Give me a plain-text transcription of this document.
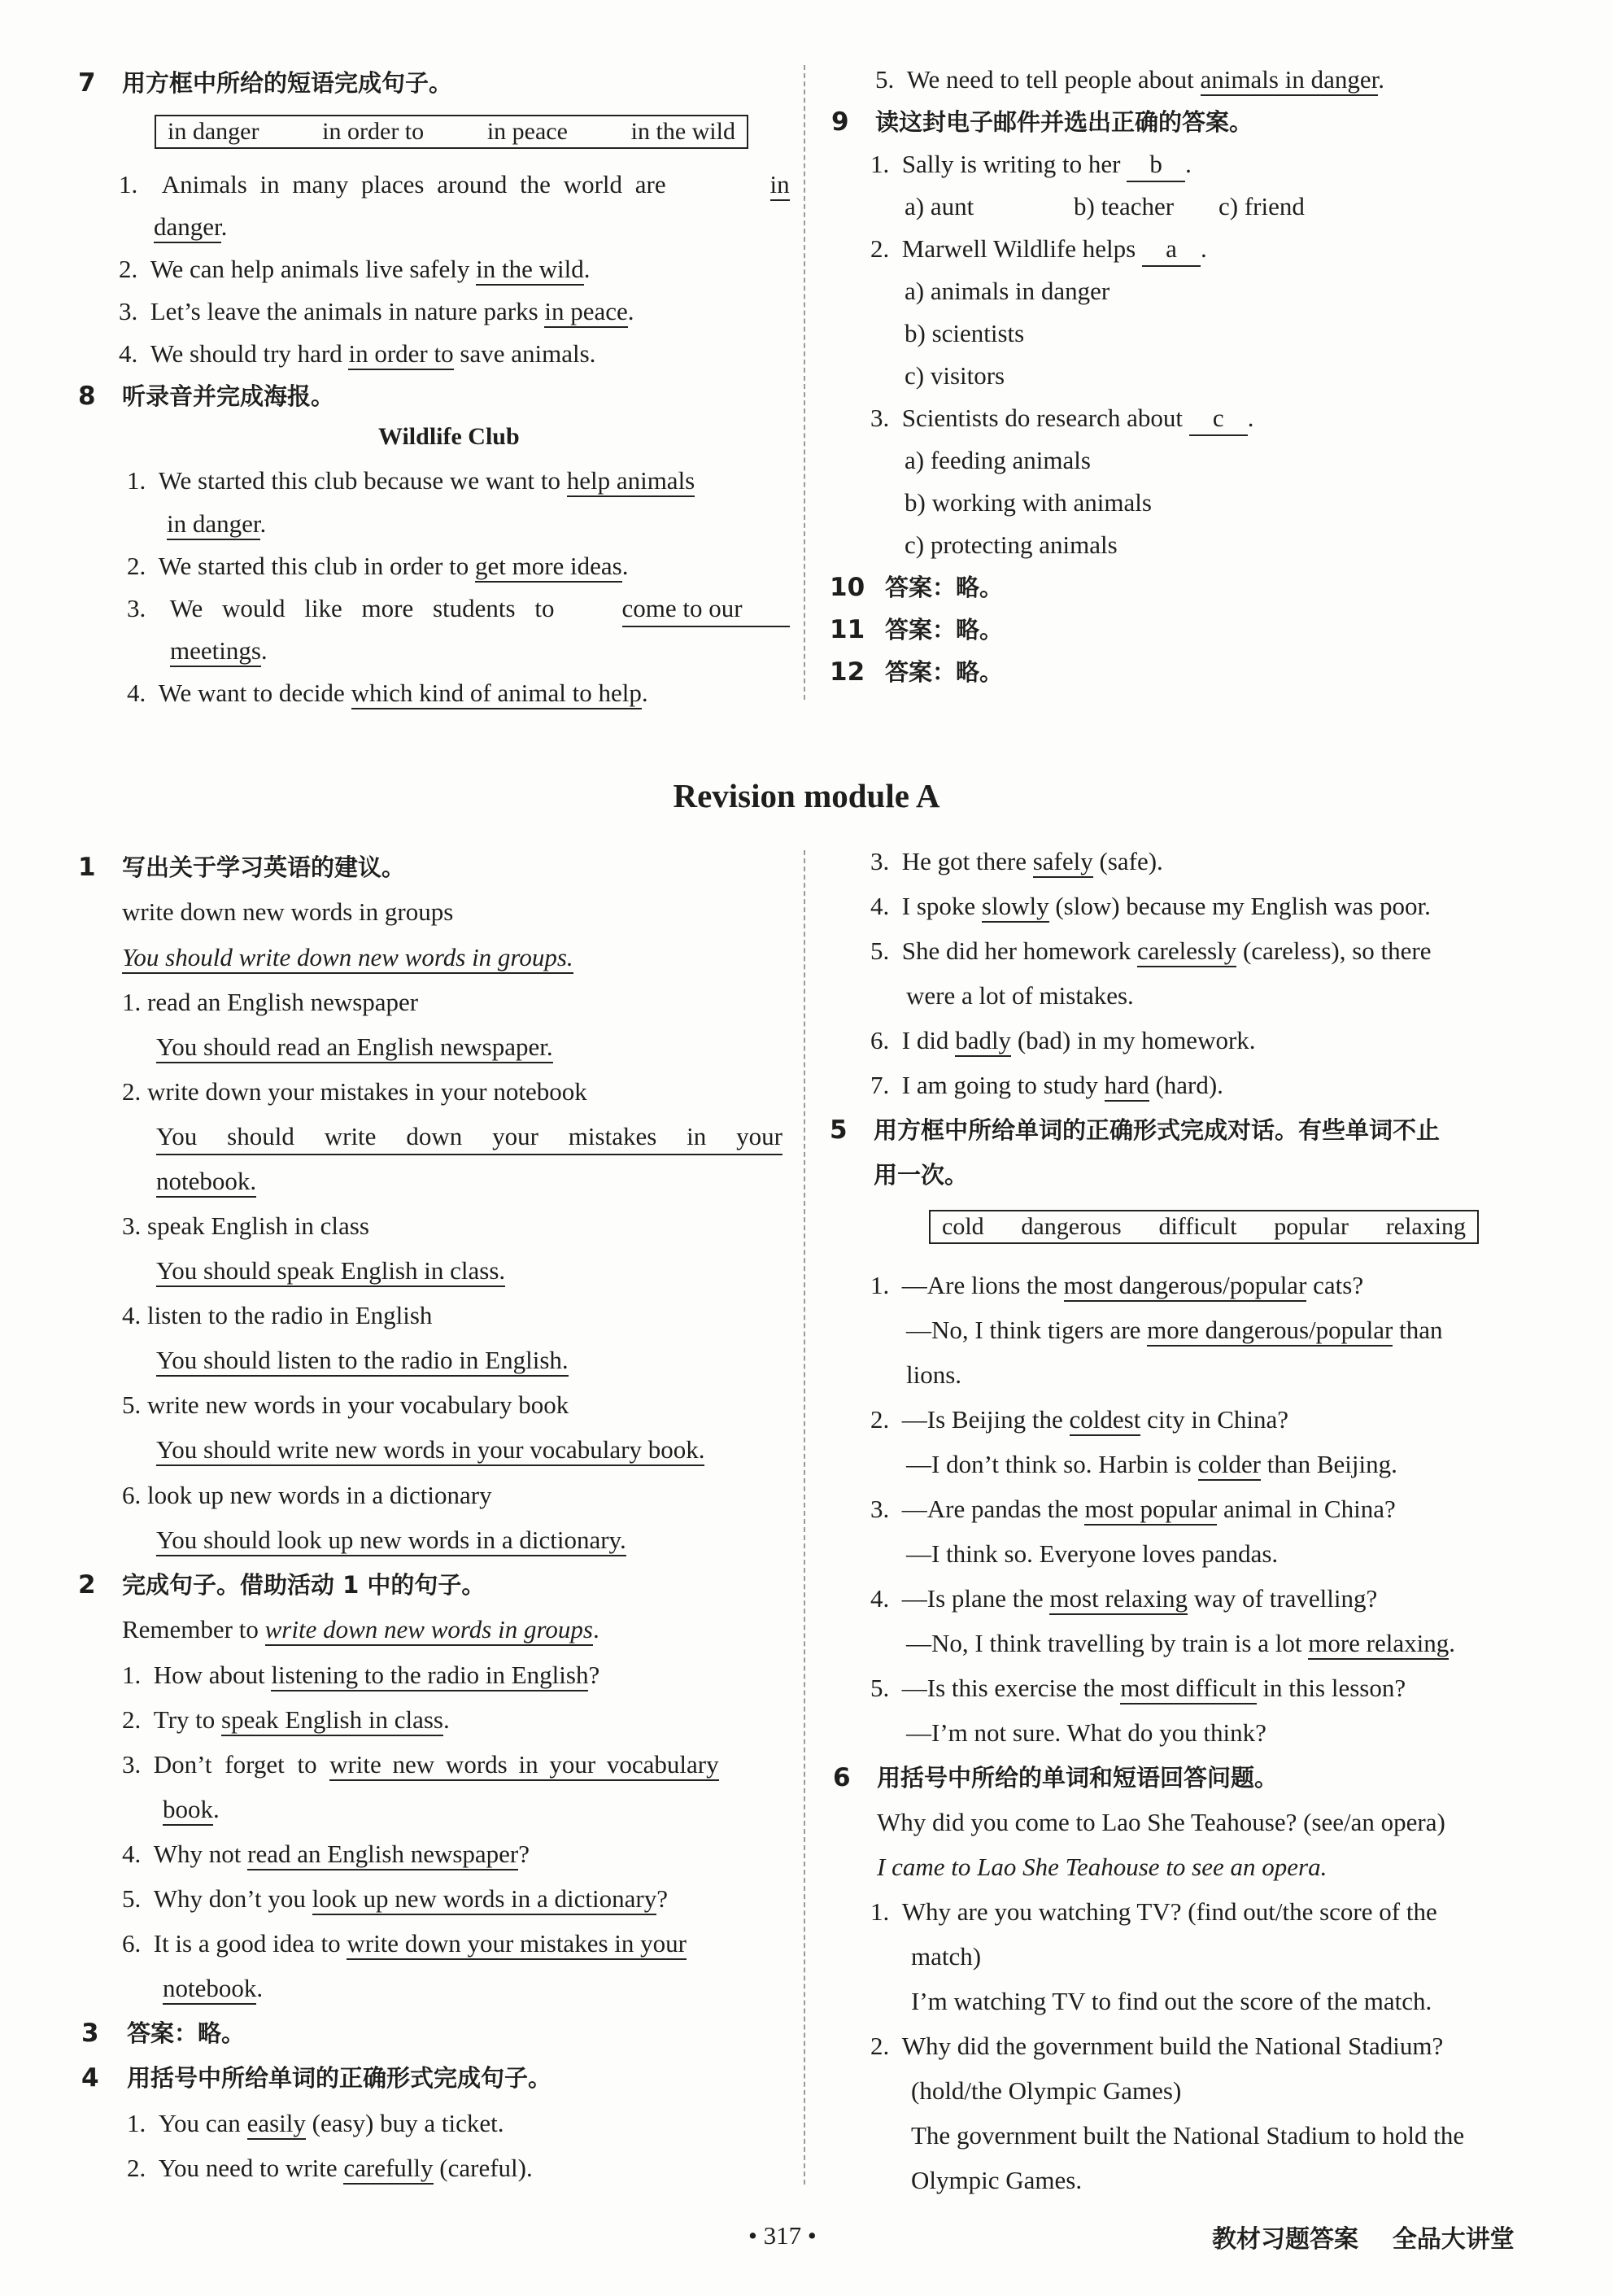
7 用方框中所给的短语完成句子。
in danger	in order to	in peace	in the wild
1. Animals in many places around the world are	in
danger.
2. We can help animals live safely in the wild.
3. Let’s leave the animals in nature parks in peace.
4. We should try hard in order to save animals.
8 听录音并完成海报。
Wildlife Club
1. We started this club because we want to help animals
in danger.
2. We started this club in order to get more ideas.
3. We would like more students to	come to our
meetings.
4. We want to decide which kind of animal to help.
5. We need to tell people about animals in danger.
9 读这封电子邮件并选出正确的答案。
1. Sally is writing to her b .
a) aunt	b) teacher c) friend
2. Marwell Wildlife helps a .
a) animals in danger
b) scientists
c) visitors
3. Scientists do research about c .
a) feeding animals
b) working with animals
c) protecting animals
10 答案：略。
11 答案：略。
12 答案：略。
Revision module A
1 写出关于学习英语的建议。
write down new words in groups
You should write down new words in groups.
1. read an English newspaper
You should read an English newspaper.
2. write down your mistakes in your notebook
You should write down your mistakes in your
notebook.
3. speak English in class
You should speak English in class.
4. listen to the radio in English
You should listen to the radio in English.
5. write new words in your vocabulary book
You should write new words in your vocabulary book.
6. look up new words in a dictionary
You should look up new words in a dictionary.
2 完成句子。借助活动 1 中的句子。
Remember to write down new words in groups.
1. How about listening to the radio in English?
2. Try to speak English in class.
3. Don’t forget to write new words in your vocabulary
book.
4. Why not read an English newspaper?
5. Why don’t you look up new words in a dictionary?
6. It is a good idea to write down your mistakes in your
notebook.
3 答案：略。
4 用括号中所给单词的正确形式完成句子。
1. You can easily (easy) buy a ticket.
2. You need to write carefully (careful).
3. He got there safely (safe).
4. I spoke slowly (slow) because my English was poor.
5. She did her homework carelessly (careless), so there
were a lot of mistakes.
6. I did badly (bad) in my homework.
7. I am going to study hard (hard).
5 用方框中所给单词的正确形式完成对话。有些单词不止
用一次。
cold dangerous difficult popular relaxing
1. —Are lions the most dangerous/popular cats?
—No, I think tigers are more dangerous/popular than
lions.
2. —Is Beijing the coldest city in China?
—I don’t think so. Harbin is colder than Beijing.
3. —Are pandas the most popular animal in China?
—I think so. Everyone loves pandas.
4. —Is plane the most relaxing way of travelling?
—No, I think travelling by train is a lot more relaxing.
5. —Is this exercise the most difficult in this lesson?
—I’m not sure. What do you think?
6 用括号中所给的单词和短语回答问题。
Why did you come to Lao She Teahouse? (see/an opera)
I came to Lao She Teahouse to see an opera.
1. Why are you watching TV? (find out/the score of the
match)
I’m watching TV to find out the score of the match.
2. Why did the government build the National Stadium?
(hold/the Olympic Games)
The government built the National Stadium to hold the
Olympic Games.
• 317 •	教材习题答案    全品大讲堂
